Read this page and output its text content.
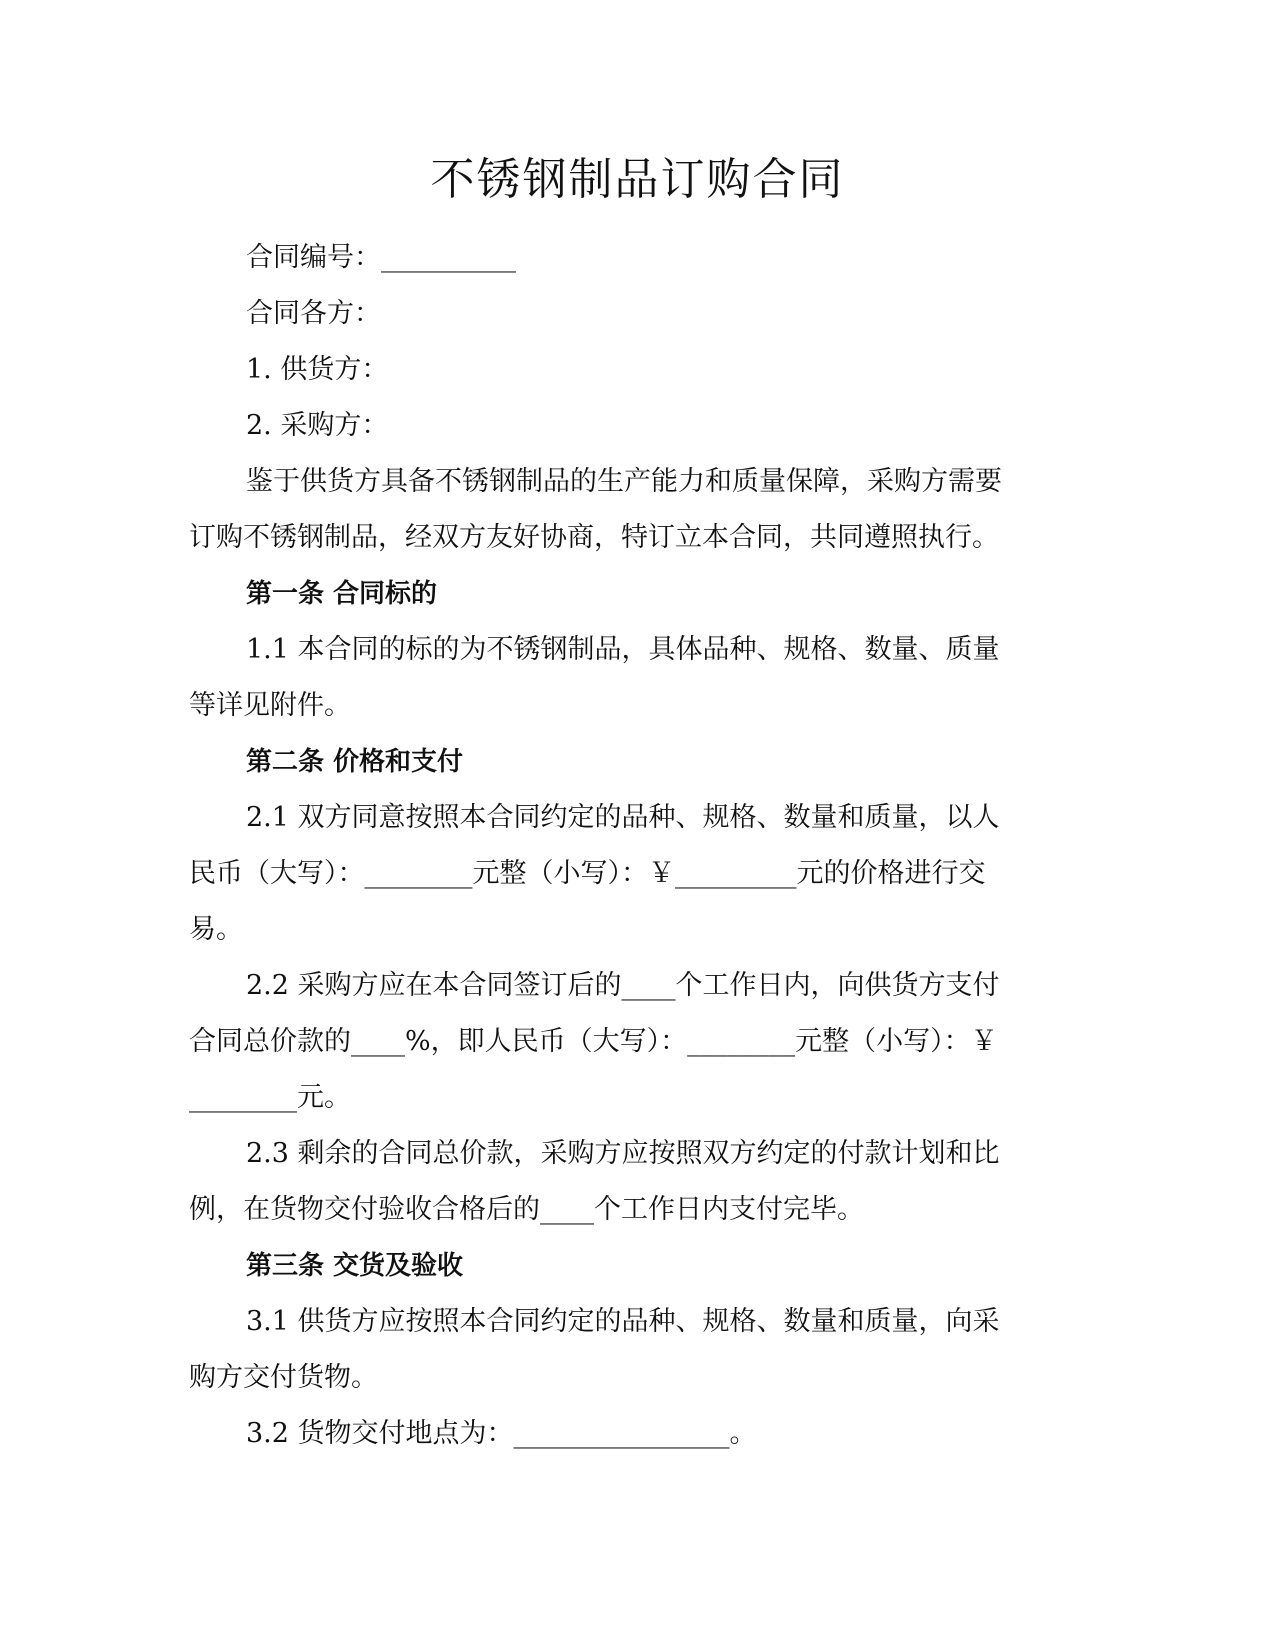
不锈钢制品订购合同

合同编号：__________

合同各方：

1. 供货方：

2. 采购方：

鉴于供货方具备不锈钢制品的生产能力和质量保障，采购方需要

订购不锈钢制品，经双方友好协商，特订立本合同，共同遵照执行。

第一条 合同标的

1.1 本合同的标的为不锈钢制品，具体品种、规格、数量、质量

等详见附件。

第二条 价格和支付

2.1 双方同意按照本合同约定的品种、规格、数量和质量，以人

民币（大写）：________元整（小写）：￥_________元的价格进行交

易。

2.2 采购方应在本合同签订后的____个工作日内，向供货方支付

合同总价款的____%，即人民币（大写）：________元整（小写）：￥

________元。

2.3 剩余的合同总价款，采购方应按照双方约定的付款计划和比

例，在货物交付验收合格后的____个工作日内支付完毕。

第三条 交货及验收

3.1 供货方应按照本合同约定的品种、规格、数量和质量，向采

购方交付货物。

3.2 货物交付地点为：________________。
